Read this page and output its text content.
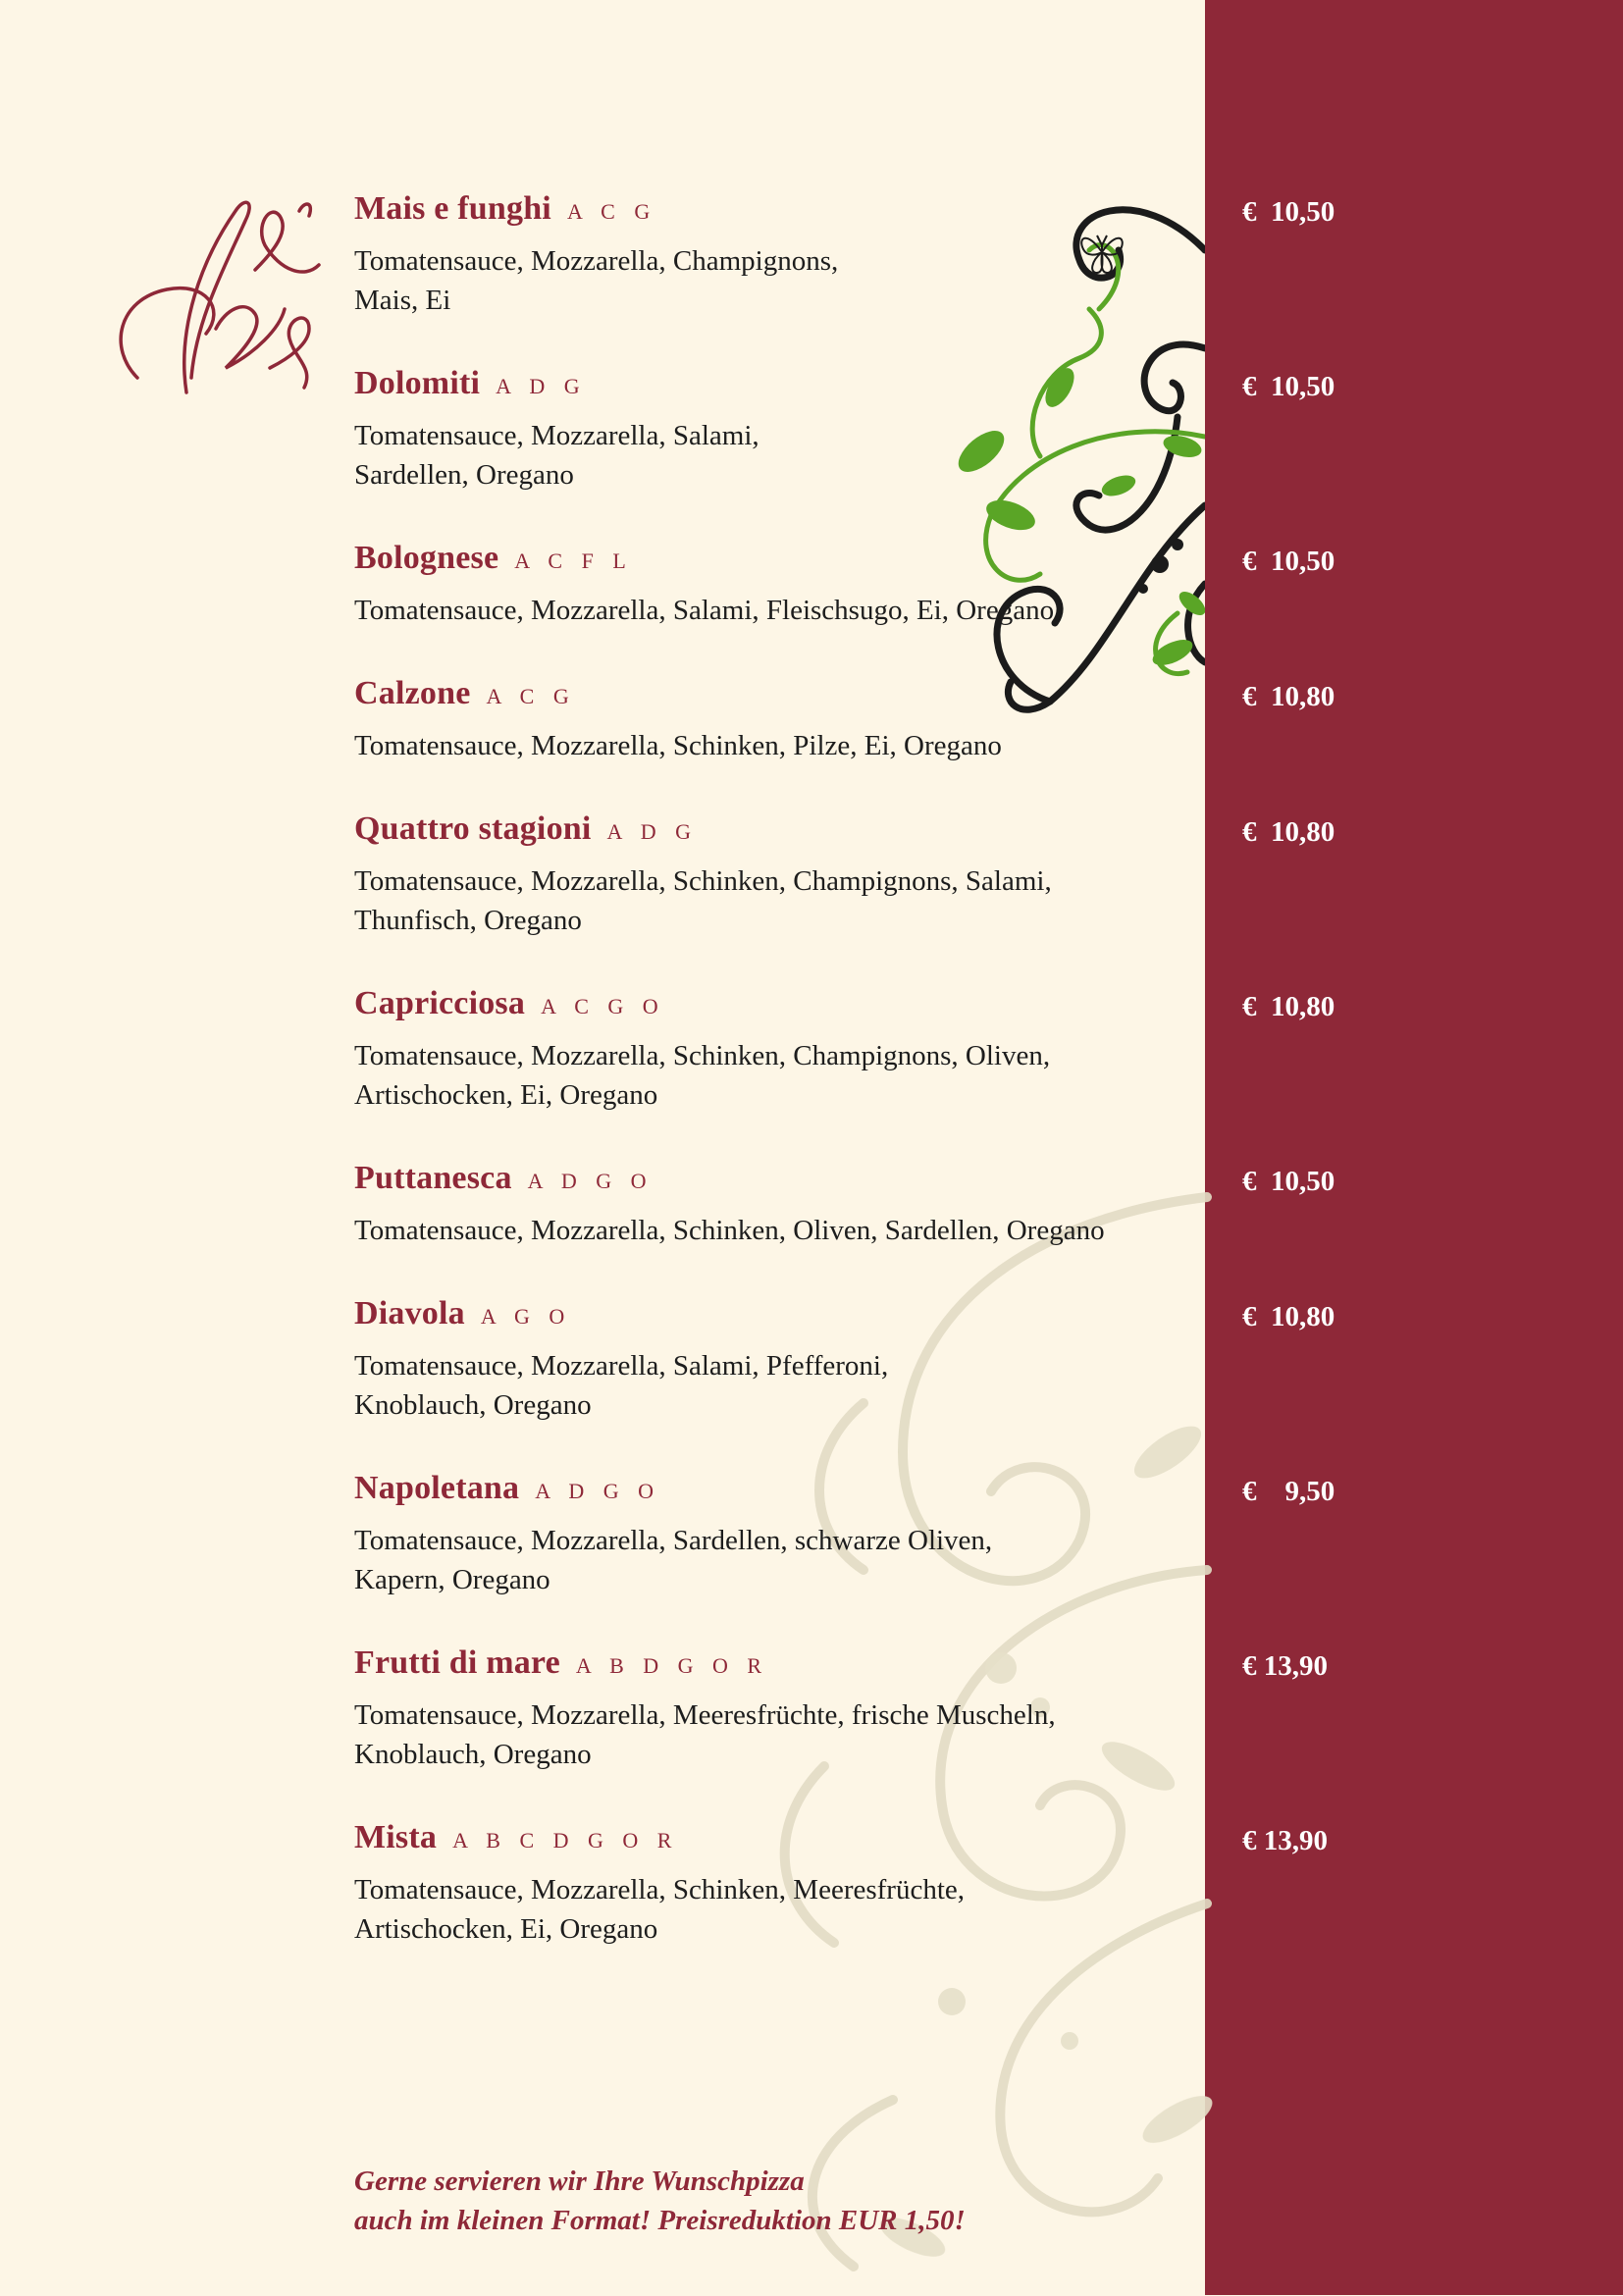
Mais e funghi A C G
Tomatensauce, Mozzarella, Champignons,
Mais, Ei
€  10,50
Dolomiti A D G
Tomatensauce, Mozzarella, Salami,
Sardellen, Oregano
€  10,50
Bolognese A C F L
Tomatensauce, Mozzarella, Salami, Fleischsugo, Ei, Oregano
€  10,50
Calzone A C G
Tomatensauce, Mozzarella, Schinken, Pilze, Ei, Oregano
€  10,80
Quattro stagioni A D G
Tomatensauce, Mozzarella, Schinken, Champignons, Salami,
Thunfisch, Oregano
€  10,80
Capricciosa A C G O
Tomatensauce, Mozzarella, Schinken, Champignons, Oliven,
Artischocken, Ei, Oregano
€  10,80
Puttanesca A D G O
Tomatensauce, Mozzarella, Schinken, Oliven, Sardellen, Oregano
€  10,50
Diavola A G O
Tomatensauce, Mozzarella, Salami, Pfefferoni,
Knoblauch, Oregano
€  10,80
Napoletana A D G O
Tomatensauce, Mozzarella, Sardellen, schwarze Oliven,
Kapern, Oregano
€    9,50
Frutti di mare A B D G O R
Tomatensauce, Mozzarella, Meeresfrüchte, frische Muscheln,
Knoblauch, Oregano
€ 13,90
Mista A B C D G O R
Tomatensauce, Mozzarella, Schinken, Meeresfrüchte,
Artischocken, Ei, Oregano
€ 13,90
Gerne servieren wir Ihre Wunschpizza
auch im kleinen Format! Preisreduktion EUR 1,50!
